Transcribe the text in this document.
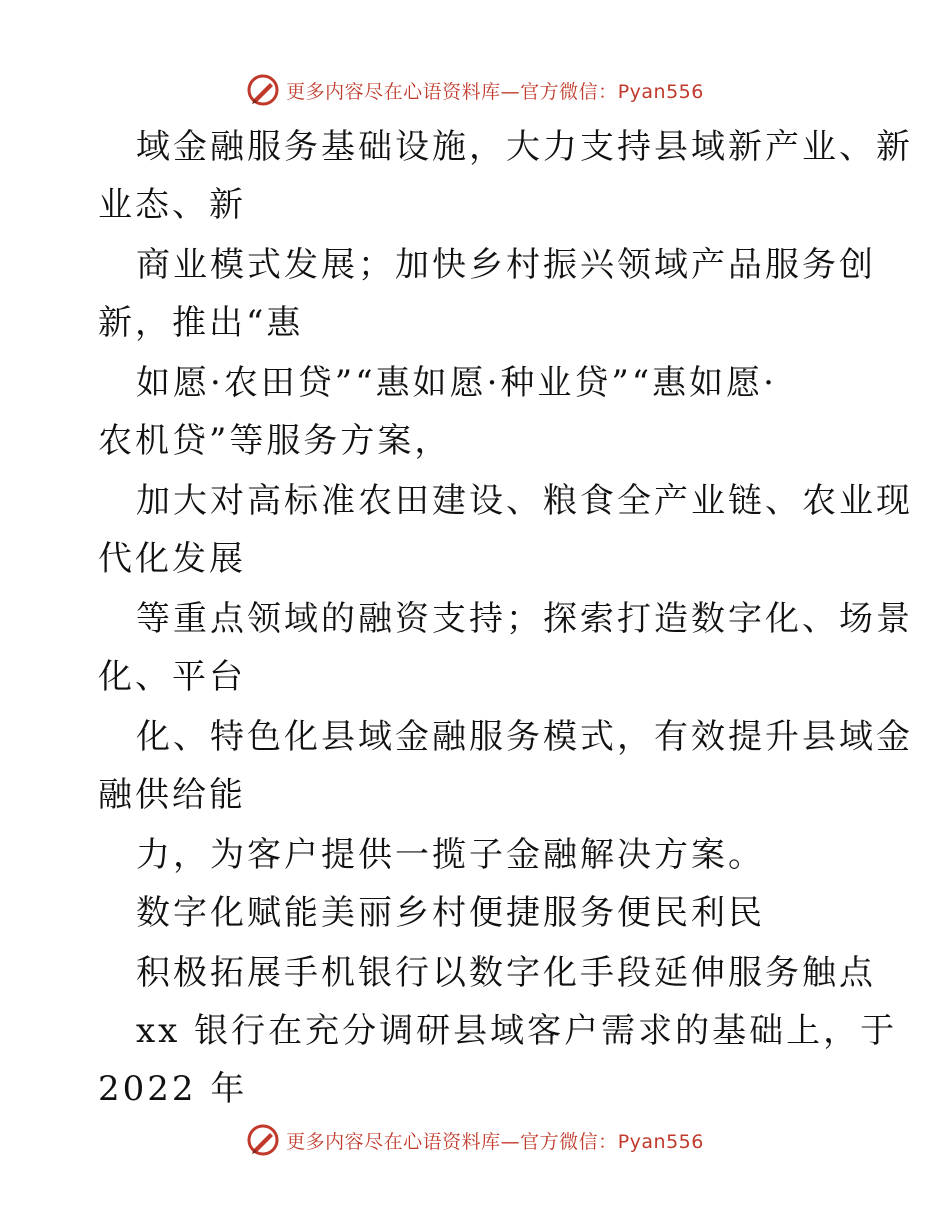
更多内容尽在心语资料库—官方微信：Pyan556
域金融服务基础设施，大力支持县域新产业、新
业态、新
商业模式发展；加快乡村振兴领域产品服务创
新，推出“惠
如愿·农田贷”“惠如愿·种业贷”“惠如愿·
农机贷”等服务方案，
加大对高标准农田建设、粮食全产业链、农业现
代化发展
等重点领域的融资支持；探索打造数字化、场景
化、平台
化、特色化县域金融服务模式，有效提升县域金
融供给能
力，为客户提供一揽子金融解决方案。
数字化赋能美丽乡村便捷服务便民利民
积极拓展手机银行以数字化手段延伸服务触点
xx 银行在充分调研县域客户需求的基础上，于
2022 年
更多内容尽在心语资料库—官方微信：Pyan556
